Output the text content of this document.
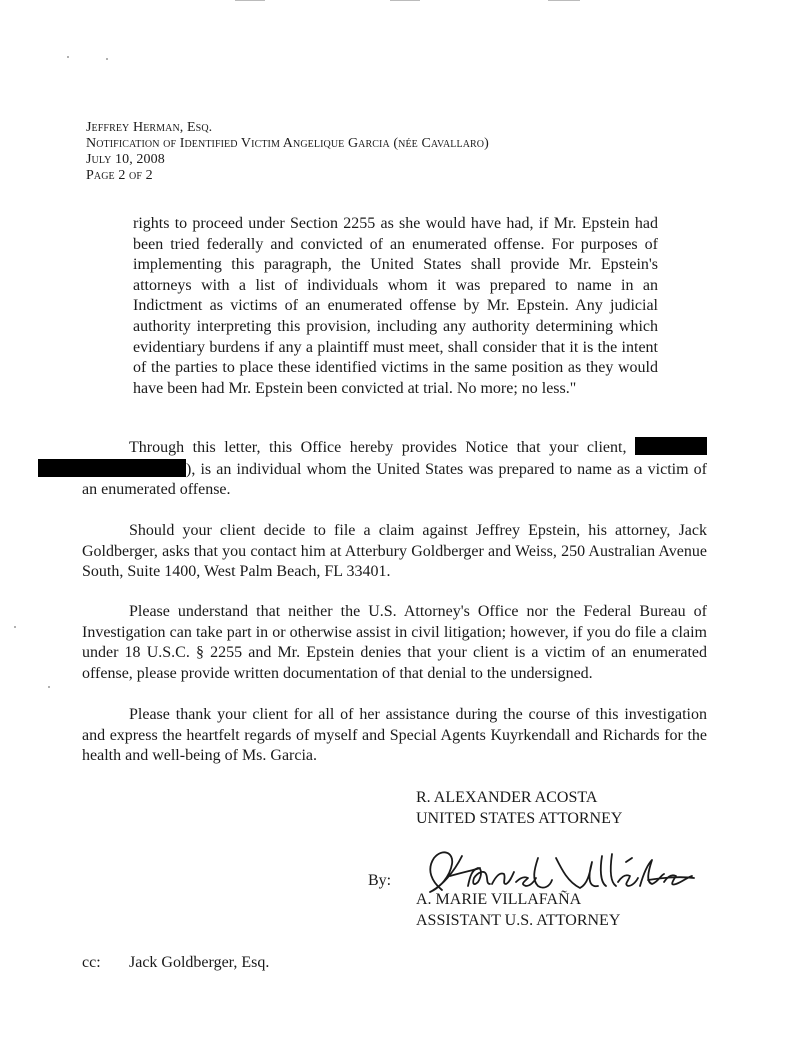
Jeffrey Herman, Esq.
Notification of Identified Victim Angelique Garcia (née Cavallaro)
July 10, 2008
Page 2 of 2
rights to proceed under Section 2255 as she would have had, if Mr. Epstein had been tried federally and convicted of an enumerated offense. For purposes of implementing this paragraph, the United States shall provide Mr. Epstein's attorneys with a list of individuals whom it was prepared to name in an Indictment as victims of an enumerated offense by Mr. Epstein. Any judicial authority interpreting this provision, including any authority determining which evidentiary burdens if any a plaintiff must meet, shall consider that it is the intent of the parties to place these identified victims in the same position as they would have been had Mr. Epstein been convicted at trial. No more; no less."
Through this letter, this Office hereby provides Notice that your client,  ), is an individual whom the United States was prepared to name as a victim of an enumerated offense.
Should your client decide to file a claim against Jeffrey Epstein, his attorney, Jack Goldberger, asks that you contact him at Atterbury Goldberger and Weiss, 250 Australian Avenue South, Suite 1400, West Palm Beach, FL 33401.
Please understand that neither the U.S. Attorney's Office nor the Federal Bureau of Investigation can take part in or otherwise assist in civil litigation; however, if you do file a claim under 18 U.S.C. § 2255 and Mr. Epstein denies that your client is a victim of an enumerated offense, please provide written documentation of that denial to the undersigned.
Please thank your client for all of her assistance during the course of this investigation and express the heartfelt regards of myself and Special Agents Kuyrkendall and Richards for the health and well-being of Ms. Garcia.
R. ALEXANDER ACOSTA
UNITED STATES ATTORNEY
By:
A. MARIE VILLAFAÑA
ASSISTANT U.S. ATTORNEY
cc: Jack Goldberger, Esq.
